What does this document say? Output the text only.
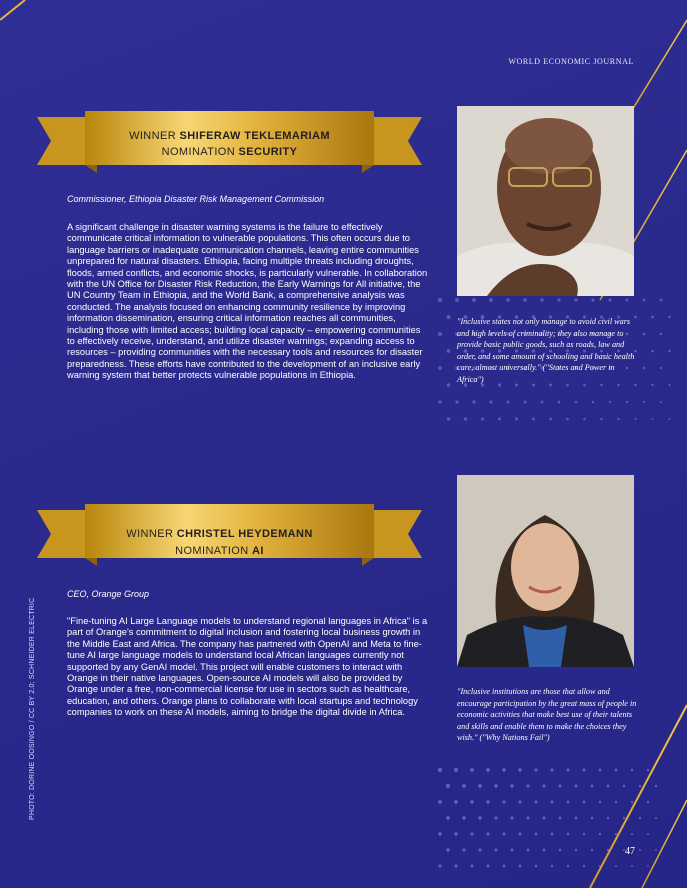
WORLD ECONOMIC JOURNAL
PHOTO: DORINE OOSINGO / CC BY 2.0; SCHNEIDER ELECTRIC
WINNER SHIFERAW TEKLEMARIAM
NOMINATION SECURITY
Commissioner, Ethiopia Disaster Risk Management Commission

A significant challenge in disaster warning systems is the failure to effectively communicate critical information to vulnerable populations. This often occurs due to language barriers or inadequate communication channels, leaving entire communities unprepared for natural disasters. Ethiopia, facing multiple threats including droughts, floods, armed conflicts, and economic shocks, is particularly vulnerable. In collaboration with the UN Office for Disaster Risk Reduction, the Early Warnings for All initiative, the UN Country Team in Ethiopia, and the World Bank, a comprehensive analysis was conducted. The analysis focused on enhancing community resilience by improving information dissemination, ensuring critical information reaches all communities, including those with limited access; building local capacity – empowering communities to effectively receive, understand, and utilize disaster warnings; expanding access to resources – providing communities with the necessary tools and resources for disaster preparedness. These efforts have contributed to the development of an inclusive early warning system that better protects vulnerable populations in Ethiopia.

"Inclusive states not only manage to avoid civil wars and high levels of criminality; they also manage to provide basic public goods, such as roads, law and order, and some amount of schooling and basic health care, almost universally." ("States and Power in Africa")

WINNER CHRISTEL HEYDEMANN
NOMINATION AI
CEO, Orange Group

"Fine-tuning AI Large Language models to understand regional languages in Africa" is a part of Orange's commitment to digital inclusion and fostering local business growth in the Middle East and Africa. The company has partnered with OpenAI and Meta to fine-tune AI large language models to understand local African languages currently not supported by any GenAI model. This project will enable customers to interact with Orange in their native languages. Open-source AI models will also be provided by Orange under a free, non-commercial license for use in sectors such as healthcare, education, and others. Orange plans to collaborate with local startups and technology companies to work on these AI models, aiming to bridge the digital divide in Africa.

"Inclusive institutions are those that allow and encourage participation by the great mass of people in economic activities that make best use of their talents and skills and enable them to make the choices they wish." ("Why Nations Fail")

47
